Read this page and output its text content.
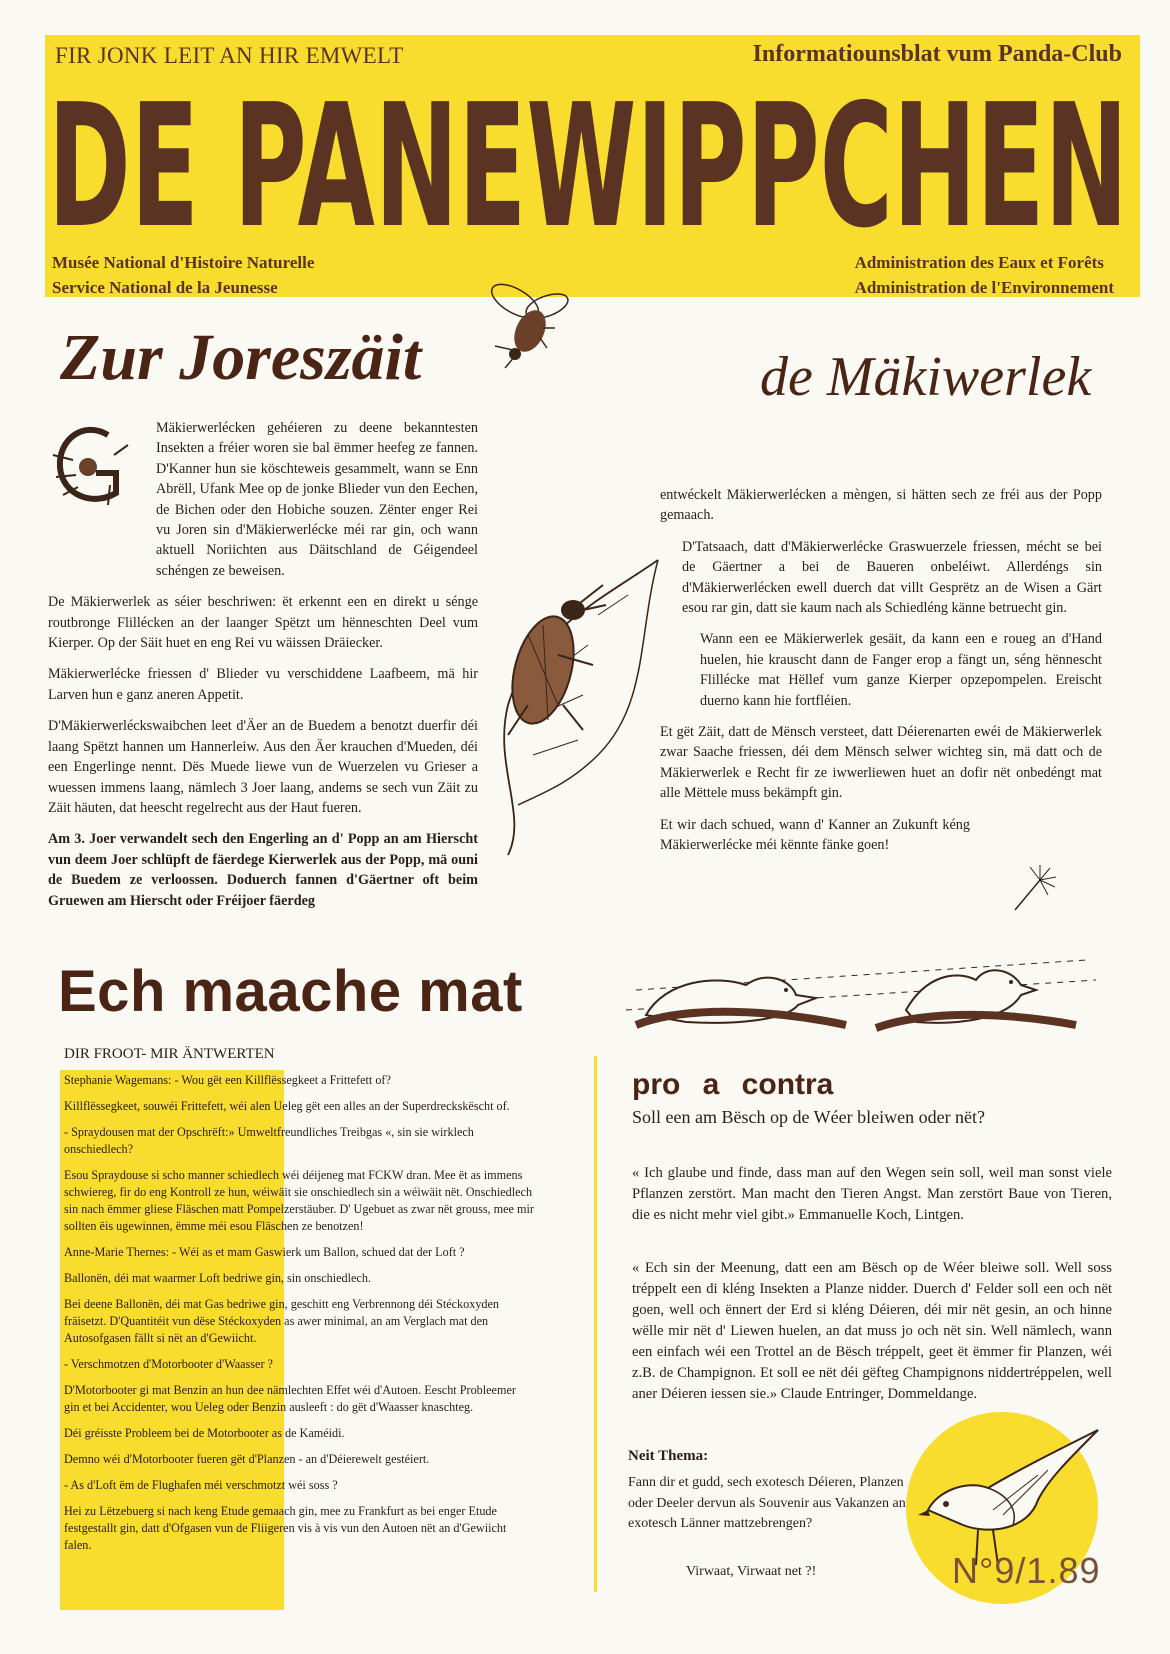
FIR JONK LEIT AN HIR EMWELT	Informatiounsblat vum Panda-Club
DE PANEWIPPCHEN
Musée National d'Histoire Naturelle
Service National de la Jeunesse
Administration des Eaux et Forêts
Administration de l'Environnement
Zur Joreszäit	de Mäkiwerlek

Mäkierwerlécken gehéieren zu deene bekanntesten Insekten a fréier woren sie bal ëmmer heefeg ze fannen. D'Kanner hun sie köschteweis gesammelt, wann se Enn Abrëll, Ufank Mee op de jonke Blieder vun den Eechen, de Bichen oder den Hobiche souzen. Zënter enger Rei vu Joren sin d'Mäkierwerlécke méi rar gin, och wann aktuell Noriichten aus Däitschland de Géigendeel schéngen ze beweisen.

De Mäkierwerlek as séier beschriwen: ët erkennt een en direkt u sénge routbronge Flillécken an der laanger Spëtzt um hënneschten Deel vum Kierper. Op der Säit huet en eng Rei vu wäissen Dräiecker.

Mäkierwerlécke friessen d' Blieder vu verschiddene Laafbeem, mä hir Larven hun e ganz aneren Appetit.

D'Mäkierwerléckswaibchen leet d'Äer an de Buedem a benotzt duerfir déi laang Spëtzt hannen um Hannerleiw. Aus den Äer krauchen d'Mueden, déi een Engerlinge nennt. Dës Muede liewe vun de Wuerzelen vu Grieser a wuessen immens laang, nämlech 3 Joer laang, andems se sech vun Zäit zu Zäit häuten, dat heescht regelrecht aus der Haut fueren.

Am 3. Joer verwandelt sech den Engerling an d' Popp an am Hierscht vun deem Joer schlüpft de fäerdege Kierwerlek aus der Popp, mä ouni de Buedem ze verloossen. Doduerch fannen d'Gäertner oft beim Gruewen am Hierscht oder Fréijoer fäerdeg

entwéckelt Mäkierwerlécken a mèngen, si hätten sech ze fréi aus der Popp gemaach.

D'Tatsaach, datt d'Mäkierwerlécke Graswuerzele friessen, mécht se bei de Gäertner a bei de Baueren onbeléiwt. Allerdéngs sin d'Mäkierwerlécken ewell duerch dat villt Gesprëtz an de Wisen a Gärt esou rar gin, datt sie kaum nach als Schiedléng känne betruecht gin.

Wann een ee Mäkierwerlek gesäit, da kann een e roueg an d'Hand huelen, hie krauscht dann de Fanger erop a fängt un, séng hënnescht Flillécke mat Hëllef vum ganze Kierper opzepompelen. Ereischt duerno kann hie fortfléien.

Et gët Zäit, datt de Mënsch versteet, datt Déierenarten ewéi de Mäkierwerlek zwar Saache friessen, déi dem Mënsch selwer wichteg sin, mä datt och de Mäkierwerlek e Recht fir ze iwwerliewen huet an dofir nët onbedéngt mat alle Mëttele muss bekämpft gin.

Et wir dach schued, wann d' Kanner an Zukunft kéng Mäkierwerlécke méi kënnte fänke goen!

Ech maache mat
DIR FROOT- MIR ÄNTWERTEN

Stephanie Wagemans: - Wou gët een Killflëssegkeet a Frittefett of?

Killflëssegkeet, souwéi Frittefett, wéi alen Ueleg gët een alles an der Superdreckskëscht of.

- Spraydousen mat der Opschrëft:» Umweltfreundliches Treibgas «, sin sie wirklech onschiedlech?

Esou Spraydouse si scho manner schiedlech wéi déijeneg mat FCKW dran. Mee ët as immens schwiereg, fir do eng Kontroll ze hun, wéiwäit sie onschiedlech sin a wéiwäit nët. Onschiedlech sin nach ëmmer gliese Fläschen matt Pompelzerstäuber. D' Ugebuet as zwar nët grouss, mee mir sollten ëis ugewinnen, ëmme méi esou Fläschen ze benotzen!

Anne-Marie Thernes: - Wéi as et mam Gaswierk um Ballon, schued dat der Loft ?

Ballonën, déi mat waarmer Loft bedriwe gin, sin onschiedlech.

Bei deene Ballonën, déi mat Gas bedriwe gin, geschitt eng Verbrennong déi Stéckoxyden fräisetzt. D'Quantitéit vun dëse Stéckoxyden as awer minimal, an am Verglach mat den Autosofgasen fällt si nët an d'Gewiicht.

- Verschmotzen d'Motorbooter d'Waasser ?

D'Motorbooter gi mat Benzin an hun dee nämlechten Effet wéi d'Autoen. Eescht Probleemer gin et bei Accidenter, wou Ueleg oder Benzin ausleeft : do gët d'Waasser knaschteg.

Déi gréisste Probleem bei de Motorbooter as de Kaméidi.

Demno wéi d'Motorbooter fueren gët d'Planzen - an d'Déierewelt gestéiert.

- As d'Loft ëm de Flughafen méi verschmotzt wéi soss ?

Hei zu Lëtzebuerg si nach keng Etude gemaach gin, mee zu Frankfurt as bei enger Etude festgestallt gin, datt d'Ofgasen vun de Fliigeren vis à vis vun den Autoen nët an d'Gewiicht falen.

pro a contra
Soll een am Bësch op de Wéer bleiwen oder nët?
« Ich glaube und finde, dass man auf den Wegen sein soll, weil man sonst viele Pflanzen zerstört. Man macht den Tieren Angst. Man zerstört Baue von Tieren, die es nicht mehr viel gibt.» Emmanuelle Koch, Lintgen.
« Ech sin der Meenung, datt een am Bësch op de Wéer bleiwe soll. Well soss tréppelt een di kléng Insekten a Planze nidder. Duerch d' Felder soll een och nët goen, well och ënnert der Erd si kléng Déieren, déi mir nët gesin, an och hinne wëlle mir nët d' Liewen huelen, an dat muss jo och nët sin. Well nämlech, wann een einfach wéi een Trottel an de Bësch tréppelt, geet ët ëmmer fir Planzen, wéi z.B. de Champignon. Et soll ee nët déi gëfteg Champignons niddertréppelen, well aner Déieren iessen sie.» Claude Entringer, Dommeldange.
N°9/1.89
Neit Thema:
Fann dir et gudd, sech exotesch Déieren, Planzen oder Deeler dervun als Souvenir aus Vakanzen an exotesch Länner mattzebrengen?
Virwaat, Virwaat net ?!
